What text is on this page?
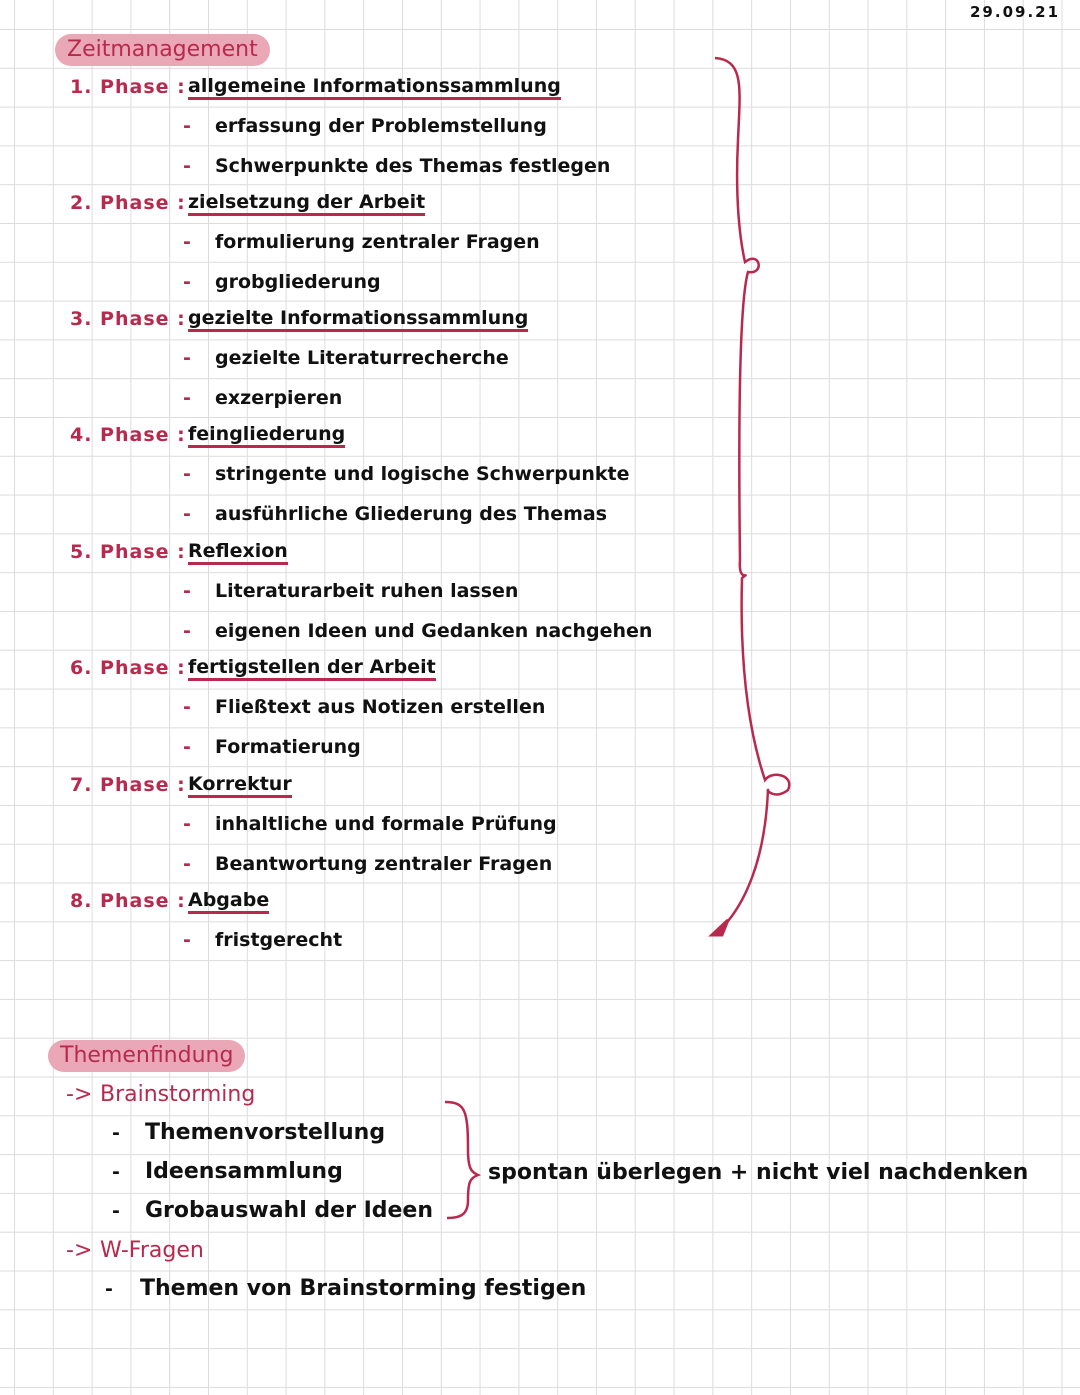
29.09.21
Zeitmanagement
1. Phase : allgemeine Informationssammlung
- erfassung der Problemstellung
- Schwerpunkte des Themas festlegen
2. Phase : zielsetzung der Arbeit
- formulierung zentraler Fragen
- grobgliederung
3. Phase : gezielte Informationssammlung
- gezielte Literaturrecherche
- exzerpieren
4. Phase : feingliederung
- stringente und logische Schwerpunkte
- ausführliche Gliederung des Themas
5. Phase : Reflexion
- Literaturarbeit ruhen lassen
- eigenen Ideen und Gedanken nachgehen
6. Phase : fertigstellen der Arbeit
- Fließtext aus Notizen erstellen
- Formatierung
7. Phase : Korrektur
- inhaltliche und formale Prüfung
- Beantwortung zentraler Fragen
8. Phase : Abgabe
- fristgerecht
Themenfindung
-> Brainstorming
- Themenvorstellung
- Ideensammlung
- Grobauswahl der Ideen
spontan überlegen + nicht viel nachdenken
-> W-Fragen
- Themen von Brainstorming festigen
